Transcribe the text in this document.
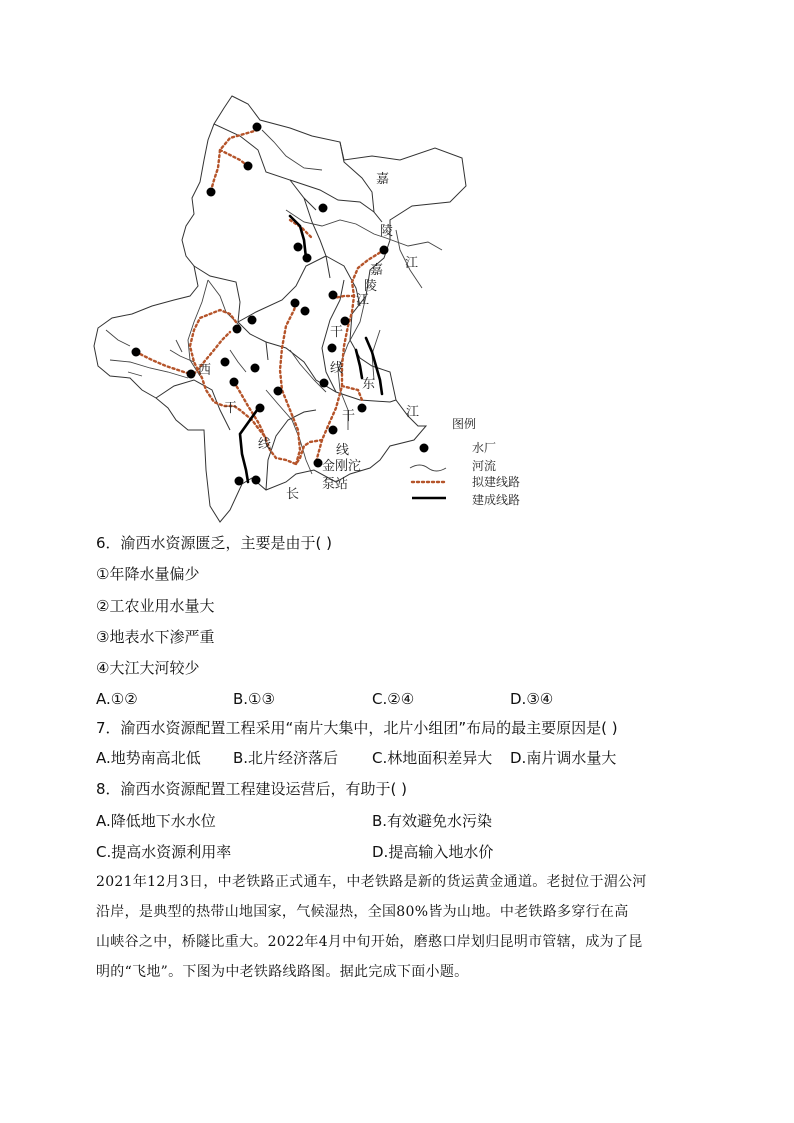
嘉
陵
江
嘉
陵
江
干
线
东
江
干
线
西
干
线
长
金刚沱
泵站
图例
水厂
河流
拟建线路
建成线路
6．渝西水资源匮乏，主要是由于( )
①年降水量偏少
②工农业用水量大
③地表水下渗严重
④大江大河较少
A.①②	B.①③	C.②④	D.③④
7．渝西水资源配置工程采用“南片大集中，北片小组团”布局的最主要原因是( )
A.地势南高北低 B.北片经济落后 C.林地面积差异大 D.南片调水量大
8．渝西水资源配置工程建设运营后，有助于( )
A.降低地下水水位	B.有效避免水污染
C.提高水资源利用率	D.提高输入地水价
2021年12月3日，中老铁路正式通车，中老铁路是新的货运黄金通道。老挝位于湄公河
沿岸，是典型的热带山地国家，气候湿热，全国80%皆为山地。中老铁路多穿行在高
山峡谷之中，桥隧比重大。2022年4月中旬开始，磨憨口岸划归昆明市管辖，成为了昆
明的“飞地”。下图为中老铁路线路图。据此完成下面小题。
